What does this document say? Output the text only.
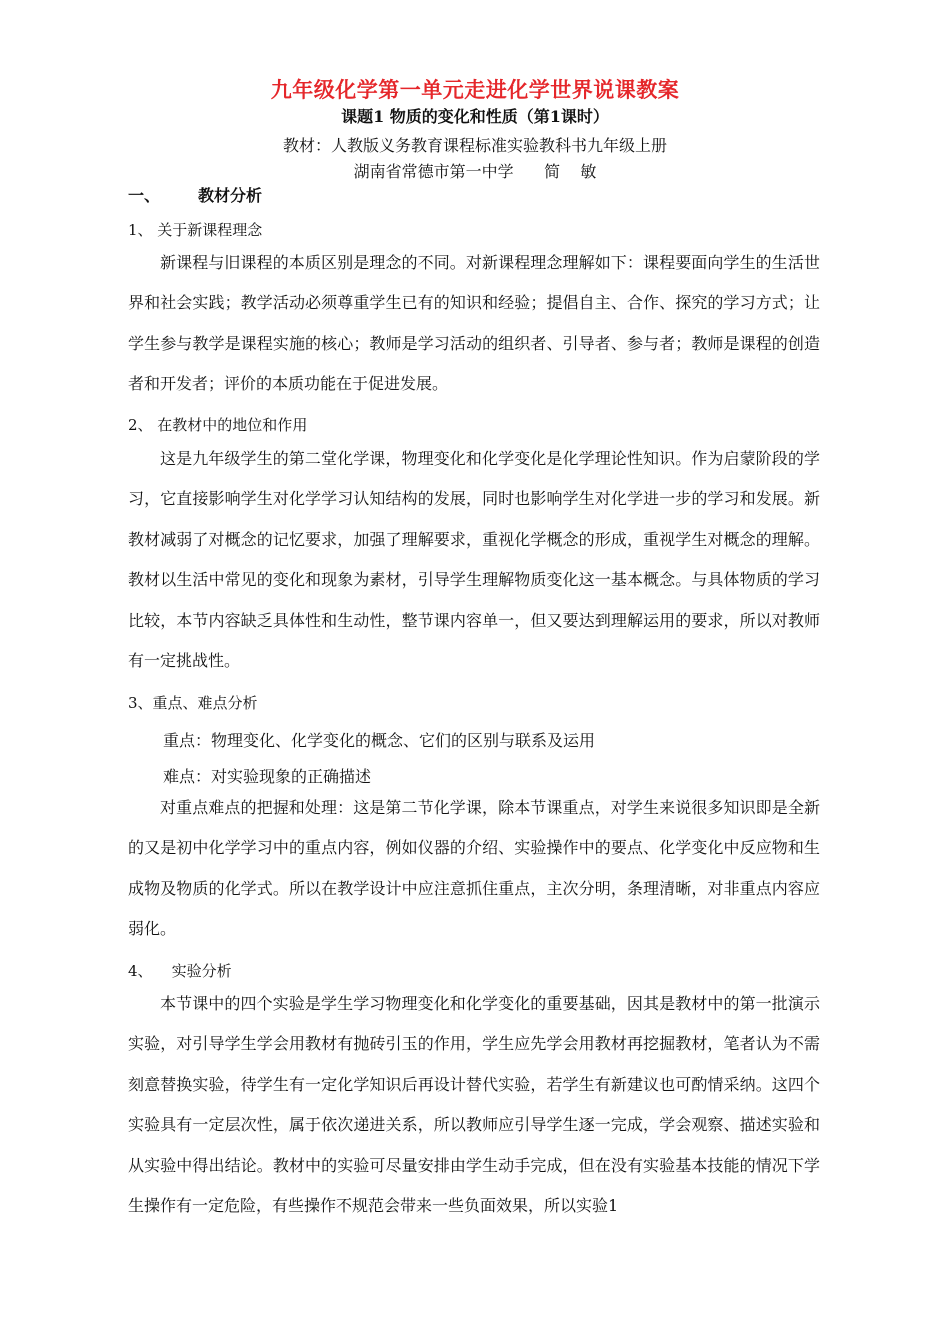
九年级化学第一单元走进化学世界说课教案
课题1 物质的变化和性质（第1课时）
教材：人教版义务教育课程标准实验教科书九年级上册
湖南省常德市第一中学      简    敏
一、 教材分析
1、 关于新课程理念
新课程与旧课程的本质区别是理念的不同。对新课程理念理解如下：课程要面向学生的生活世界和社会实践；教学活动必须尊重学生已有的知识和经验；提倡自主、合作、探究的学习方式；让学生参与教学是课程实施的核心；教师是学习活动的组织者、引导者、参与者；教师是课程的创造者和开发者；评价的本质功能在于促进发展。
2、 在教材中的地位和作用
这是九年级学生的第二堂化学课，物理变化和化学变化是化学理论性知识。作为启蒙阶段的学习，它直接影响学生对化学学习认知结构的发展，同时也影响学生对化学进一步的学习和发展。新教材减弱了对概念的记忆要求，加强了理解要求，重视化学概念的形成，重视学生对概念的理解。教材以生活中常见的变化和现象为素材，引导学生理解物质变化这一基本概念。与具体物质的学习比较，本节内容缺乏具体性和生动性，整节课内容单一，但又要达到理解运用的要求，所以对教师有一定挑战性。
3、重点、难点分析
重点：物理变化、化学变化的概念、它们的区别与联系及运用
难点：对实验现象的正确描述
对重点难点的把握和处理：这是第二节化学课，除本节课重点，对学生来说很多知识即是全新的又是初中化学学习中的重点内容，例如仪器的介绍、实验操作中的要点、化学变化中反应物和生成物及物质的化学式。所以在教学设计中应注意抓住重点，主次分明，条理清晰，对非重点内容应弱化。
4、    实验分析
本节课中的四个实验是学生学习物理变化和化学变化的重要基础，因其是教材中的第一批演示实验，对引导学生学会用教材有抛砖引玉的作用，学生应先学会用教材再挖掘教材，笔者认为不需刻意替换实验，待学生有一定化学知识后再设计替代实验，若学生有新建议也可酌情采纳。这四个实验具有一定层次性，属于依次递进关系，所以教师应引导学生逐一完成，学会观察、描述实验和从实验中得出结论。教材中的实验可尽量安排由学生动手完成，但在没有实验基本技能的情况下学生操作有一定危险，有些操作不规范会带来一些负面效果，所以实验1
